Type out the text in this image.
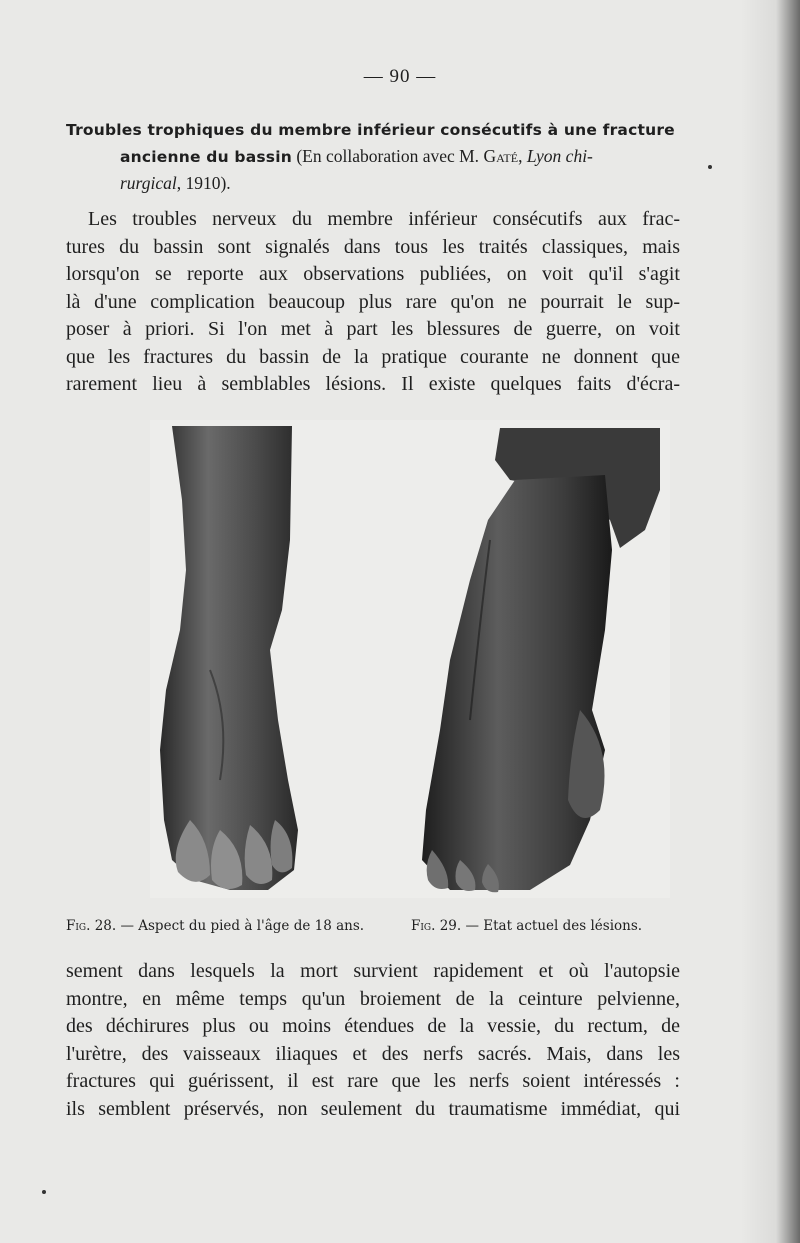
— 90 —
Troubles trophiques du membre inférieur consécutifs à une fracture
ancienne du bassin (En collaboration avec M. Gaté, Lyon chi-
rurgical, 1910).
Les troubles nerveux du membre inférieur consécutifs aux frac-
tures du bassin sont signalés dans tous les traités classiques, mais
lorsqu'on se reporte aux observations publiées, on voit qu'il s'agit
là d'une complication beaucoup plus rare qu'on ne pourrait le sup-
poser à priori. Si l'on met à part les blessures de guerre, on voit
que les fractures du bassin de la pratique courante ne donnent que
rarement lieu à semblables lésions. Il existe quelques faits d'écra-
Fig. 28. — Aspect du pied à l'âge de 18 ans.	Fig. 29. — Etat actuel des lésions.
sement dans lesquels la mort survient rapidement et où l'autopsie
montre, en même temps qu'un broiement de la ceinture pelvienne,
des déchirures plus ou moins étendues de la vessie, du rectum, de
l'urètre, des vaisseaux iliaques et des nerfs sacrés. Mais, dans les
fractures qui guérissent, il est rare que les nerfs soient intéressés :
ils semblent préservés, non seulement du traumatisme immédiat, qui
